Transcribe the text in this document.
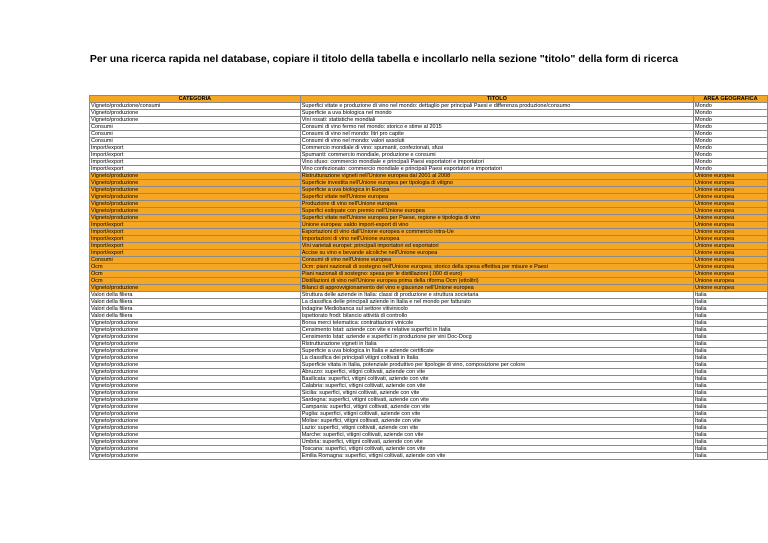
Per una ricerca rapida nel database, copiare il titolo della tabella e incollarlo nella sezione "titolo" della form di ricerca
CATEGORIA	TITOLO	AREA GEOGRAFICA
Vigneto/produzione/consumi	Superfici vitate e produzione di vino nel mondo: dettaglio per principali Paesi e differenza produzione/consumo	Mondo
Vigneto/produzione	Superficie a uva biologica nel mondo	Mondo
Vigneto/produzione	Vini rosati: statistiche mondiali	Mondo
Consumi	Consumi di vino fermo nel mondo: storico e stime al 2015	Mondo
Consumi	Consumi di vino nel mondo: litri pro capite	Mondo
Consumi	Consumi di vino nel mondo: valori assoluti	Mondo
Import/export	Commercio mondiale di vino: spumanti, confezionati, sfusi	Mondo
Import/export	Spumanti: commercio mondiale, produzione e consumi	Mondo
Import/export	Vino sfuso: commercio mondiale e principali Paesi esportatori e importatori	Mondo
Import/export	Vino confezionato: commercio mondiale e principali Paesi esportatori e importatori	Mondo
Vigneto/produzione	Ristrutturazione vigneti nell'Unione europea dal 2001 al 2008	Unione europea
Vigneto/produzione	Superficie investita nell'Unione europea per tipologia di vitigno	Unione europea
Vigneto/produzione	Superficie a uva biologica in Europa	Unione europea
Vigneto/produzione	Superfici vitate nell'Unione europea	Unione europea
Vigneto/produzione	Produzione di vino nell'Unione europea	Unione europea
Vigneto/produzione	Superfici estirpate con premio nell'Unione europea	Unione europea
Vigneto/produzione	Superfici vitate nell'Unione europea per Paese, regione e tipologia di vino	Unione europea
Import/export	Unione europea: saldo import-export di vino	Unione europea
Import/export	Esportazioni di vino dall'Unione europea e commercio intra-Ue	Unione europea
Import/export	Importazioni di vino nell'Unione europea	Unione europea
Import/export	Vini varietali europei: principali importatori ed esportatori	Unione europea
Import/export	Accise su vino e bevande alcoliche nell'Unione europea	Unione europea
Consumi	Consumi di vino nell'Unione europea	Unione europea
Ocm	Ocm: piani nazionali di sostegno nell'Unione europea; storico della spesa effettiva per misure e Paesi	Unione europea
Ocm	Piani nazionali di sostegno: spesa per le distillazioni (.000 di euro)	Unione europea
Ocm	Distillazioni di vino nell'Unione europea prima della riforma Ocm (ettolitri)	Unione europea
Vigneto/produzione	Bilanci di approvvigionamento del vino e giacenze nell'Unione europea	Unione europea
Valori della filiera	Struttura delle aziende in Italia: classi di produzione e struttura societaria	Italia
Valori della filiera	La classifica delle principali aziende in Italia e nel mondo per fatturato	Italia
Valori della filiera	Indagine Mediobanca sul settore vitivinicolo	Italia
Valori della filiera	Ispettorato frodi: bilancio attività di controllo	Italia
Vigneto/produzione	Borsa merci telematica: contrattazioni vinicole	Italia
Vigneto/produzione	Censimento Istat: aziende con vite e relative superfici in Italia	Italia
Vigneto/produzione	Censimento Istat: aziende e superfici in produzione per vini Doc-Docg	Italia
Vigneto/produzione	Ristrutturazione vigneti in Italia	Italia
Vigneto/produzione	Superficie a uva biologica in Italia e aziende certificate	Italia
Vigneto/produzione	La classifica dei principali vitigni coltivati in Italia	Italia
Vigneto/produzione	Superficie vitata in Italia, potenziale produttivo per tipologie di vino, composizione per colore	Italia
Vigneto/produzione	Abruzzo: superfici, vitigni coltivati, aziende con vite	Italia
Vigneto/produzione	Basilicata: superfici, vitigni coltivati, aziende con vite	Italia
Vigneto/produzione	Calabria: superfici, vitigni coltivati, aziende con vite	Italia
Vigneto/produzione	Sicilia: superfici, vitigni coltivati, aziende con vite	Italia
Vigneto/produzione	Sardegna: superfici, vitigni coltivati, aziende con vite	Italia
Vigneto/produzione	Campania: superfici, vitigni coltivati, aziende con vite	Italia
Vigneto/produzione	Puglia: superfici, vitigni coltivati, aziende con vite	Italia
Vigneto/produzione	Molise: superfici, vitigni coltivati, aziende con vite	Italia
Vigneto/produzione	Lazio: superfici, vitigni coltivati, aziende con vite	Italia
Vigneto/produzione	Marche: superfici, vitigni coltivati, aziende con vite	Italia
Vigneto/produzione	Umbria: superfici, vitigni coltivati, aziende con vite	Italia
Vigneto/produzione	Toscana: superfici, vitigni coltivati, aziende con vite	Italia
Vigneto/produzione	Emilia Romagna: superfici, vitigni coltivati, aziende con vite	Italia
